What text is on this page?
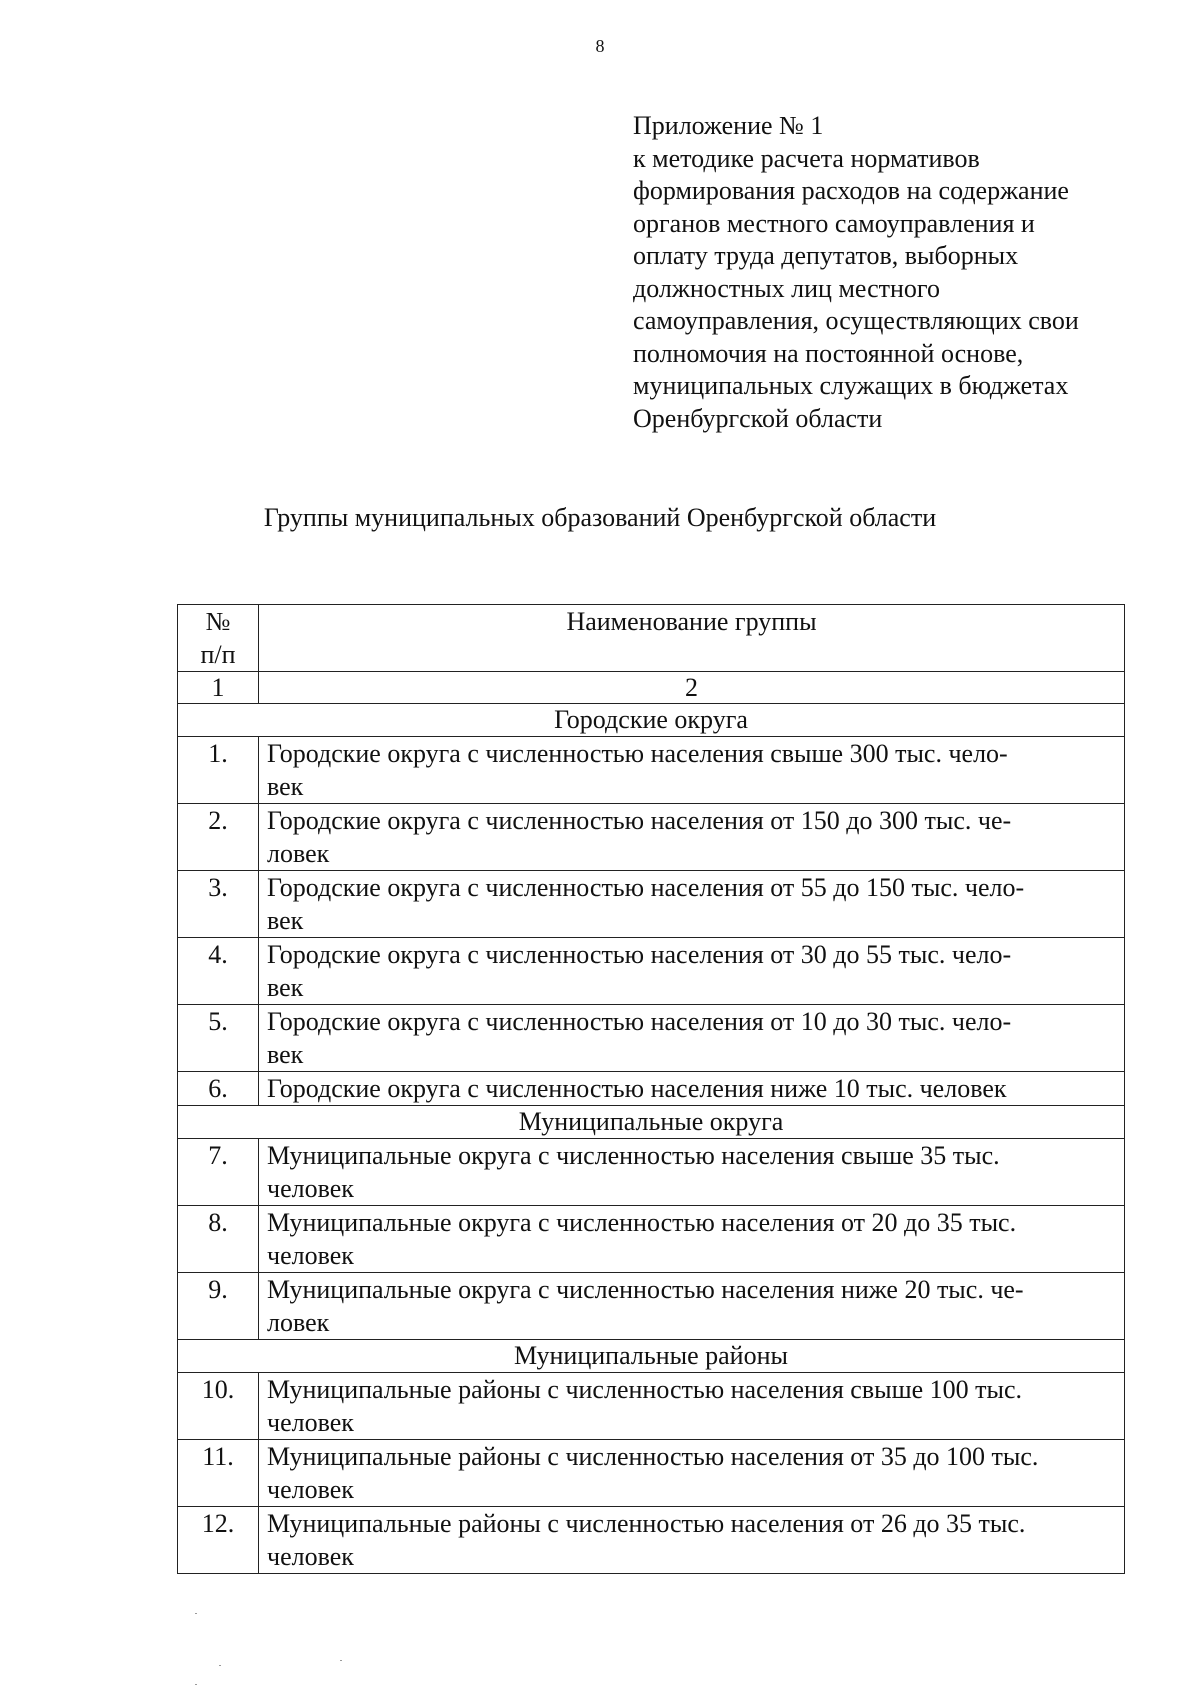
8
Приложение № 1
к методике расчета нормативов
формирования расходов на содержание
органов местного самоуправления и
оплату труда депутатов, выборных
должностных лиц местного
самоуправления, осуществляющих свои
полномочия на постоянной основе,
муниципальных служащих в бюджетах
Оренбургской области
Группы муниципальных образований Оренбургской области
№
п/п	Наименование группы
1	2
Городские округа	
1.	Городские округа с численностью населения свыше 300 тыс. чело-
век

2.	Городские округа с численностью населения от 150 до 300 тыс. че-
ловек

3.	Городские округа с численностью населения от 55 до 150 тыс. чело-
век

4.	Городские округа с численностью населения от 30 до 55 тыс. чело-
век

5.	Городские округа с численностью населения от 10 до 30 тыс. чело-
век

6.	Городские округа с численностью населения ниже 10 тыс. человек

Муниципальные округа	
7.	Муниципальные округа с численностью населения свыше 35 тыс.
человек

8.	Муниципальные округа с численностью населения от 20 до 35 тыс.
человек

9.	Муниципальные округа с численностью населения ниже 20 тыс. че-
ловек

Муниципальные районы	
10.	Муниципальные районы с численностью населения свыше 100 тыс.
человек

11.	Муниципальные районы с численностью населения от 35 до 100 тыс.
человек

12.	Муниципальные районы с численностью населения от 26 до 35 тыс.
человек
